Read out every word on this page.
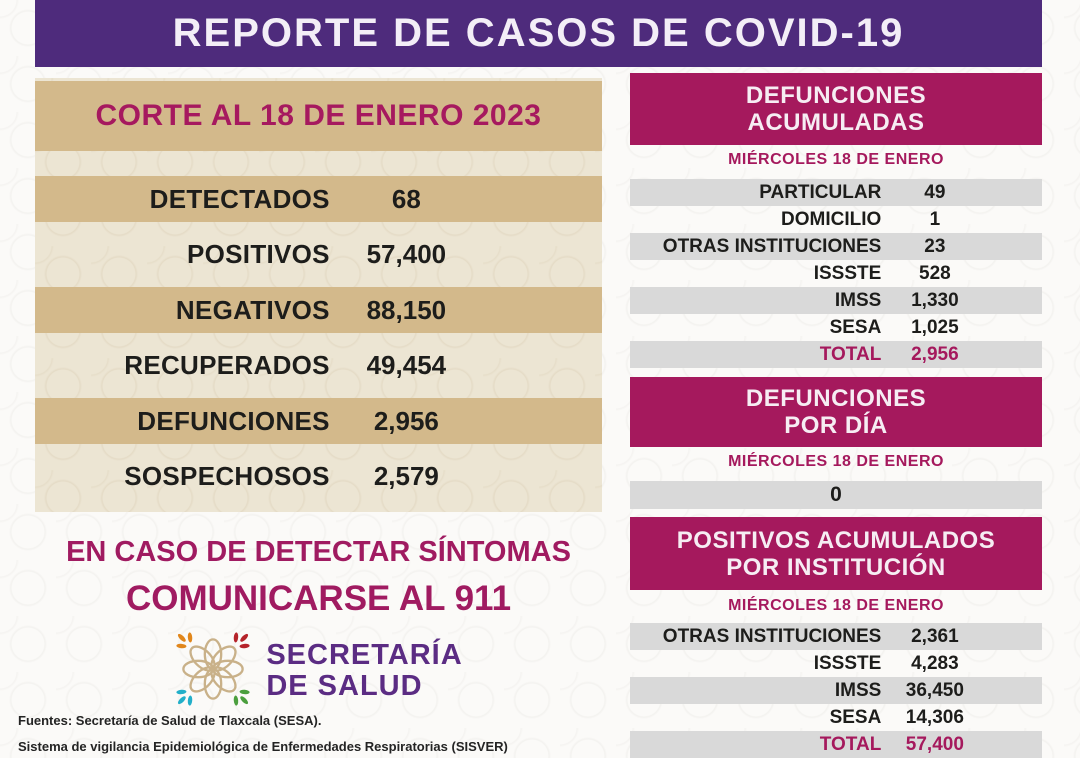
REPORTE DE CASOS DE COVID-19
CORTE AL 18 DE ENERO 2023
DETECTADOS	68
POSITIVOS	57,400
NEGATIVOS	88,150
RECUPERADOS	49,454
DEFUNCIONES	2,956
SOSPECHOSOS	2,579
EN CASO DE DETECTAR SÍNTOMAS
COMUNICARSE AL 911
SECRETARÍA
DE SALUD
Fuentes: Secretaría de Salud de Tlaxcala (SESA).
Sistema de vigilancia Epidemiológica de Enfermedades Respiratorias (SISVER)
DEFUNCIONES
ACUMULADAS
MIÉRCOLES 18 DE ENERO
PARTICULAR	49
DOMICILIO	1
OTRAS INSTITUCIONES	23
ISSSTE	528
IMSS	1,330
SESA	1,025
TOTAL	2,956
DEFUNCIONES
POR DÍA
MIÉRCOLES 18 DE ENERO
0
POSITIVOS ACUMULADOS
POR INSTITUCIÓN
MIÉRCOLES 18 DE ENERO
OTRAS INSTITUCIONES	2,361
ISSSTE	4,283
IMSS	36,450
SESA	14,306
TOTAL	57,400
